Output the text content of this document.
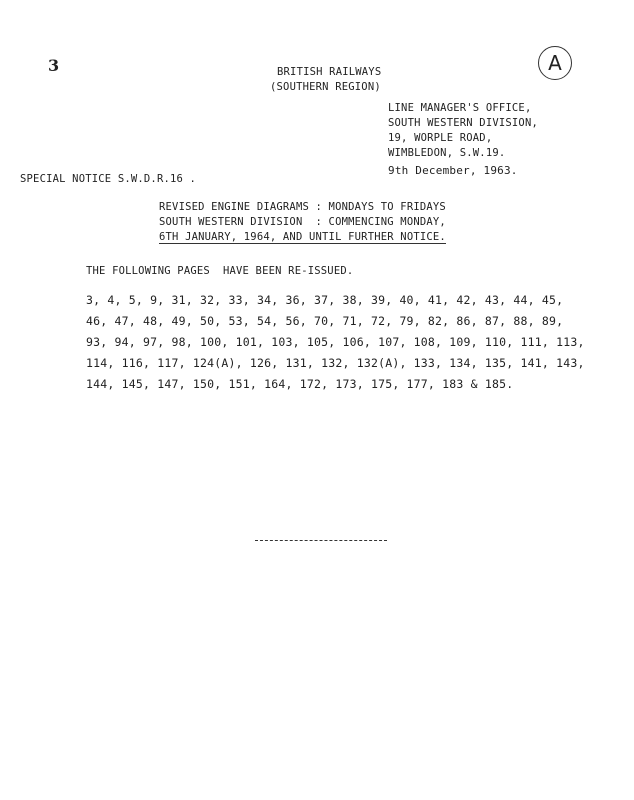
3	A
BRITISH RAILWAYS
(SOUTHERN REGION)
LINE MANAGER'S OFFICE,
SOUTH WESTERN DIVISION,
19, WORPLE ROAD,
WIMBLEDON, S.W.19.
9th December, 1963.
SPECIAL NOTICE S.W.D.R.16 .
REVISED ENGINE DIAGRAMS : MONDAYS TO FRIDAYS
SOUTH WESTERN DIVISION  : COMMENCING MONDAY,
6TH JANUARY, 1964, AND UNTIL FURTHER NOTICE.
THE FOLLOWING PAGES  HAVE BEEN RE-ISSUED.
3, 4, 5, 9, 31, 32, 33, 34, 36, 37, 38, 39, 40, 41, 42, 43, 44, 45,
46, 47, 48, 49, 50, 53, 54, 56, 70, 71, 72, 79, 82, 86, 87, 88, 89,
93, 94, 97, 98, 100, 101, 103, 105, 106, 107, 108, 109, 110, 111, 113,
114, 116, 117, 124(A), 126, 131, 132, 132(A), 133, 134, 135, 141, 143,
144, 145, 147, 150, 151, 164, 172, 173, 175, 177, 183 & 185.
